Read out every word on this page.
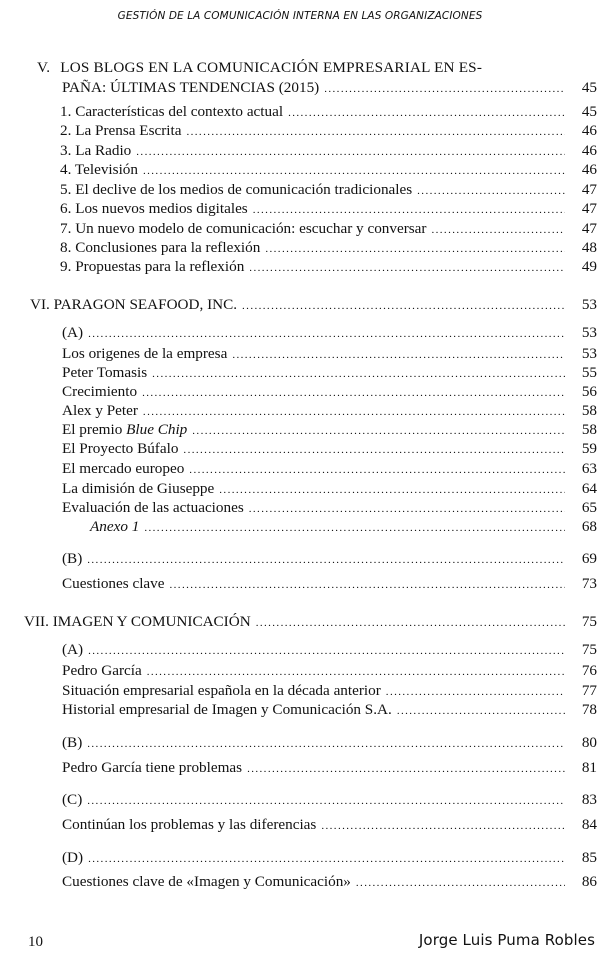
GESTIÓN DE LA COMUNICACIÓN INTERNA EN LAS ORGANIZACIONES
V. LOS BLOGS EN LA COMUNICACIÓN EMPRESARIAL EN ES-
PAÑA: ÚLTIMAS TENDENCIAS (2015) .....	45
1. Características del contexto actual .....	45
2. La Prensa Escrita .....	46
3. La Radio .....	46
4. Televisión .....	46
5. El declive de los medios de comunicación tradicionales .....	47
6. Los nuevos medios digitales .....	47
7. Un nuevo modelo de comunicación: escuchar y conversar .....	47
8. Conclusiones para la reflexión .....	48
9. Propuestas para la reflexión .....	49
VI. PARAGON SEAFOOD, INC. .....	53
(A) .....	53
Los origenes de la empresa .....	53
Peter Tomasis .....	55
Crecimiento .....	56
Alex y Peter .....	58
El premio Blue Chip .....	58
El Proyecto Búfalo .....	59
El mercado europeo .....	63
La dimisión de Giuseppe .....	64
Evaluación de las actuaciones .....	65
Anexo 1 .....	68
(B) .....	69
Cuestiones clave .....	73
VII. IMAGEN Y COMUNICACIÓN .....	75
(A) .....	75
Pedro García .....	76
Situación empresarial española en la década anterior .....	77
Historial empresarial de Imagen y Comunicación S.A. .....	78
(B) .....	80
Pedro García tiene problemas .....	81
(C) .....	83
Continúan los problemas y las diferencias .....	84
(D) .....	85
Cuestiones clave de «Imagen y Comunicación» .....	86
10	Jorge Luis Puma Robles
